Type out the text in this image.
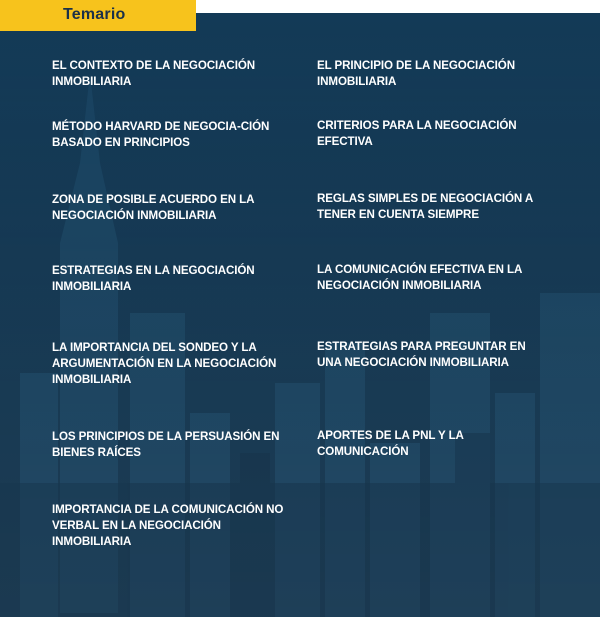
Temario
EL CONTEXTO DE LA NEGOCIACIÓN INMOBILIARIA
MÉTODO HARVARD DE NEGOCIA-CIÓN BASADO EN PRINCIPIOS
ZONA DE POSIBLE ACUERDO EN LA NEGOCIACIÓN INMOBILIARIA
ESTRATEGIAS EN LA NEGOCIACIÓN INMOBILIARIA
LA IMPORTANCIA DEL SONDEO Y LA ARGUMENTACIÓN EN LA NEGOCIACIÓN INMOBILIARIA
LOS PRINCIPIOS DE LA PERSUASIÓN EN BIENES RAÍCES
IMPORTANCIA DE LA COMUNICACIÓN NO VERBAL EN LA NEGOCIACIÓN INMOBILIARIA
EL PRINCIPIO DE LA NEGOCIACIÓN INMOBILIARIA
CRITERIOS PARA LA NEGOCIACIÓN EFECTIVA
REGLAS SIMPLES DE NEGOCIACIÓN A TENER EN CUENTA SIEMPRE
LA COMUNICACIÓN EFECTIVA EN LA NEGOCIACIÓN INMOBILIARIA
ESTRATEGIAS PARA PREGUNTAR EN UNA NEGOCIACIÓN INMOBILIARIA
APORTES DE LA PNL Y LA COMUNICACIÓN
